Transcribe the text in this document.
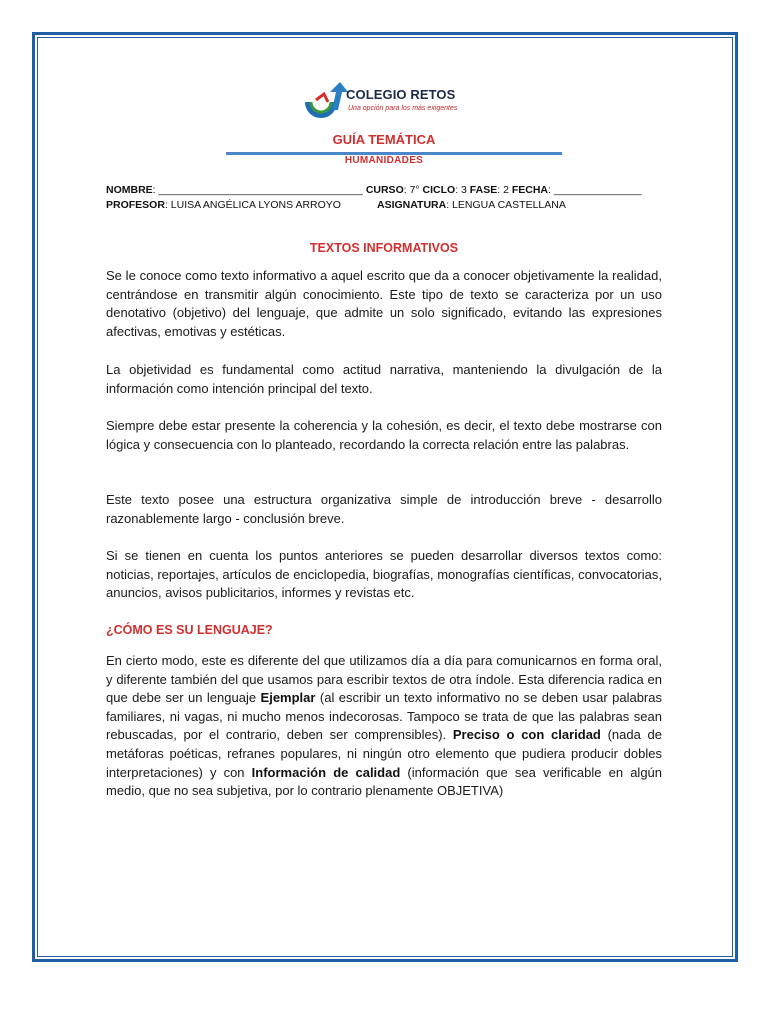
COLEGIO RETOS
Una opción para los más exigentes
GUÍA TEMÁTICA
HUMANIDADES
NOMBRE: ___________________________________ CURSO: 7° CICLO: 3 FASE: 2 FECHA: _______________
PROFESOR: LUISA ANGÉLICA LYONS ARROYO	ASIGNATURA: LENGUA CASTELLANA
TEXTOS INFORMATIVOS

Se le conoce como texto informativo a aquel escrito que da a conocer objetivamente la realidad, centrándose en transmitir algún conocimiento. Este tipo de texto se caracteriza por un uso denotativo (objetivo) del lenguaje, que admite un solo significado, evitando las expresiones afectivas, emotivas y estéticas.

La objetividad es fundamental como actitud narrativa, manteniendo la divulgación de la información como intención principal del texto.

Siempre debe estar presente la coherencia y la cohesión, es decir, el texto debe mostrarse con lógica y consecuencia con lo planteado, recordando la correcta relación entre las palabras.

Este texto posee una estructura organizativa simple de introducción breve - desarrollo razonablemente largo - conclusión breve.

Si se tienen en cuenta los puntos anteriores se pueden desarrollar diversos textos como: noticias, reportajes, artículos de enciclopedia, biografías, monografías científicas, convocatorias, anuncios, avisos publicitarios, informes y revistas etc.

¿CÓMO ES SU LENGUAJE?

En cierto modo, este es diferente del que utilizamos día a día para comunicarnos en forma oral, y diferente también del que usamos para escribir textos de otra índole. Esta diferencia radica en que debe ser un lenguaje Ejemplar (al escribir un texto informativo no se deben usar palabras familiares, ni vagas, ni mucho menos indecorosas. Tampoco se trata de que las palabras sean rebuscadas, por el contrario, deben ser comprensibles). Preciso o con claridad (nada de metáforas poéticas, refranes populares, ni ningún otro elemento que pudiera producir dobles interpretaciones) y con Información de calidad (información que sea verificable en algún medio, que no sea subjetiva, por lo contrario plenamente OBJETIVA)
